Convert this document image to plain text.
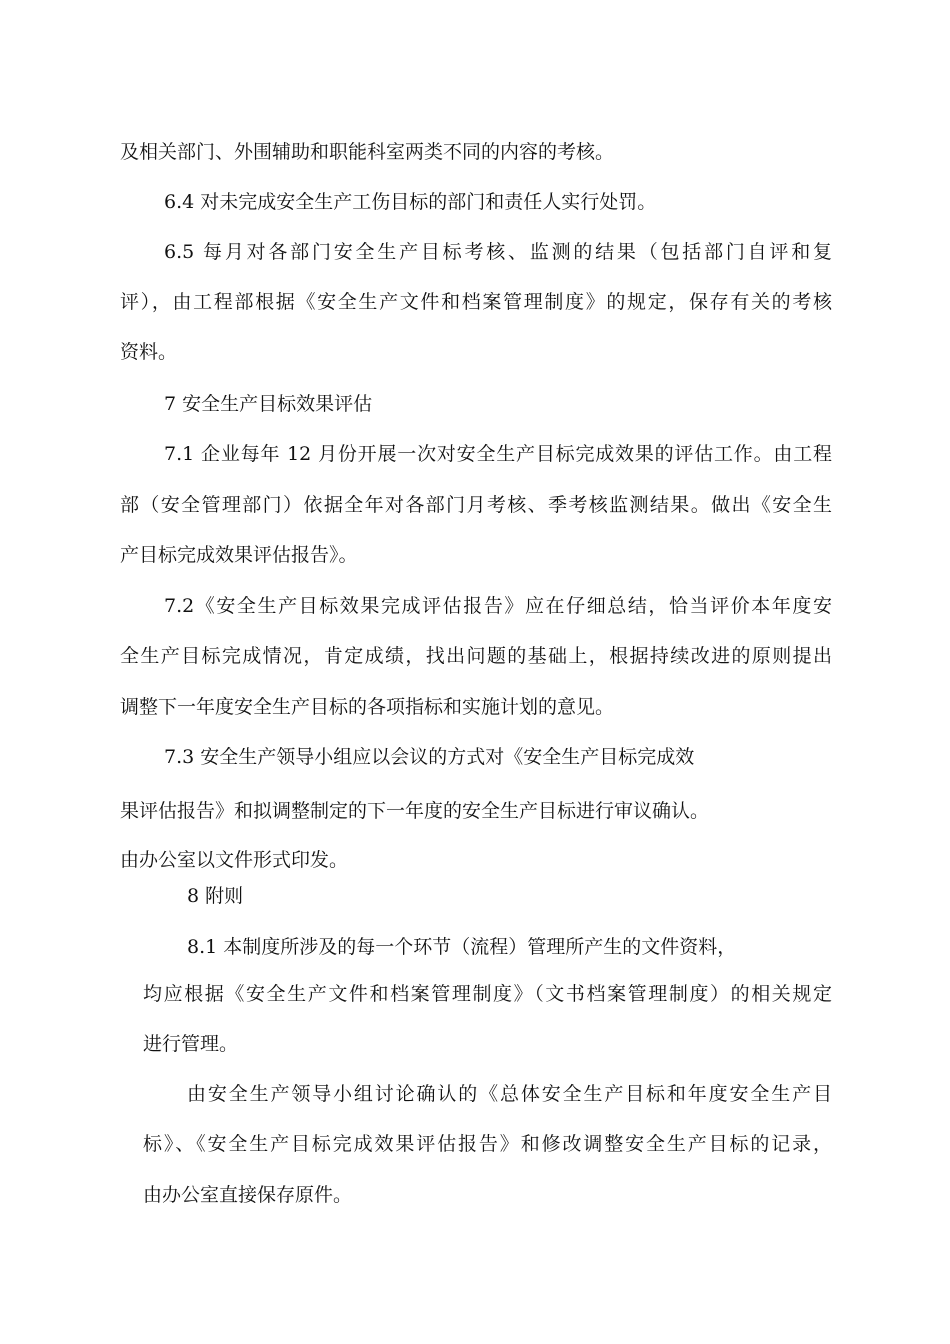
及相关部门、外围辅助和职能科室两类不同的内容的考核。
6.4 对未完成安全生产工伤目标的部门和责任人实行处罚。
6.5 每月对各部门安全生产目标考核、监测的结果（包括部门自评和复
评），由工程部根据《安全生产文件和档案管理制度》的规定，保存有关的考核
资料。
7 安全生产目标效果评估
7.1 企业每年 12 月份开展一次对安全生产目标完成效果的评估工作。由工程
部（安全管理部门）依据全年对各部门月考核、季考核监测结果。做出《安全生
产目标完成效果评估报告》。
7.2《安全生产目标效果完成评估报告》应在仔细总结，恰当评价本年度安
全生产目标完成情况，肯定成绩，找出问题的基础上，根据持续改进的原则提出
调整下一年度安全生产目标的各项指标和实施计划的意见。
7.3 安全生产领导小组应以会议的方式对《安全生产目标完成效
果评估报告》和拟调整制定的下一年度的安全生产目标进行审议确认。
由办公室以文件形式印发。
8 附则
8.1 本制度所涉及的每一个环节（流程）管理所产生的文件资料，
均应根据《安全生产文件和档案管理制度》（文书档案管理制度）的相关规定
进行管理。
由安全生产领导小组讨论确认的《总体安全生产目标和年度安全生产目
标》、《安全生产目标完成效果评估报告》和修改调整安全生产目标的记录，
由办公室直接保存原件。
